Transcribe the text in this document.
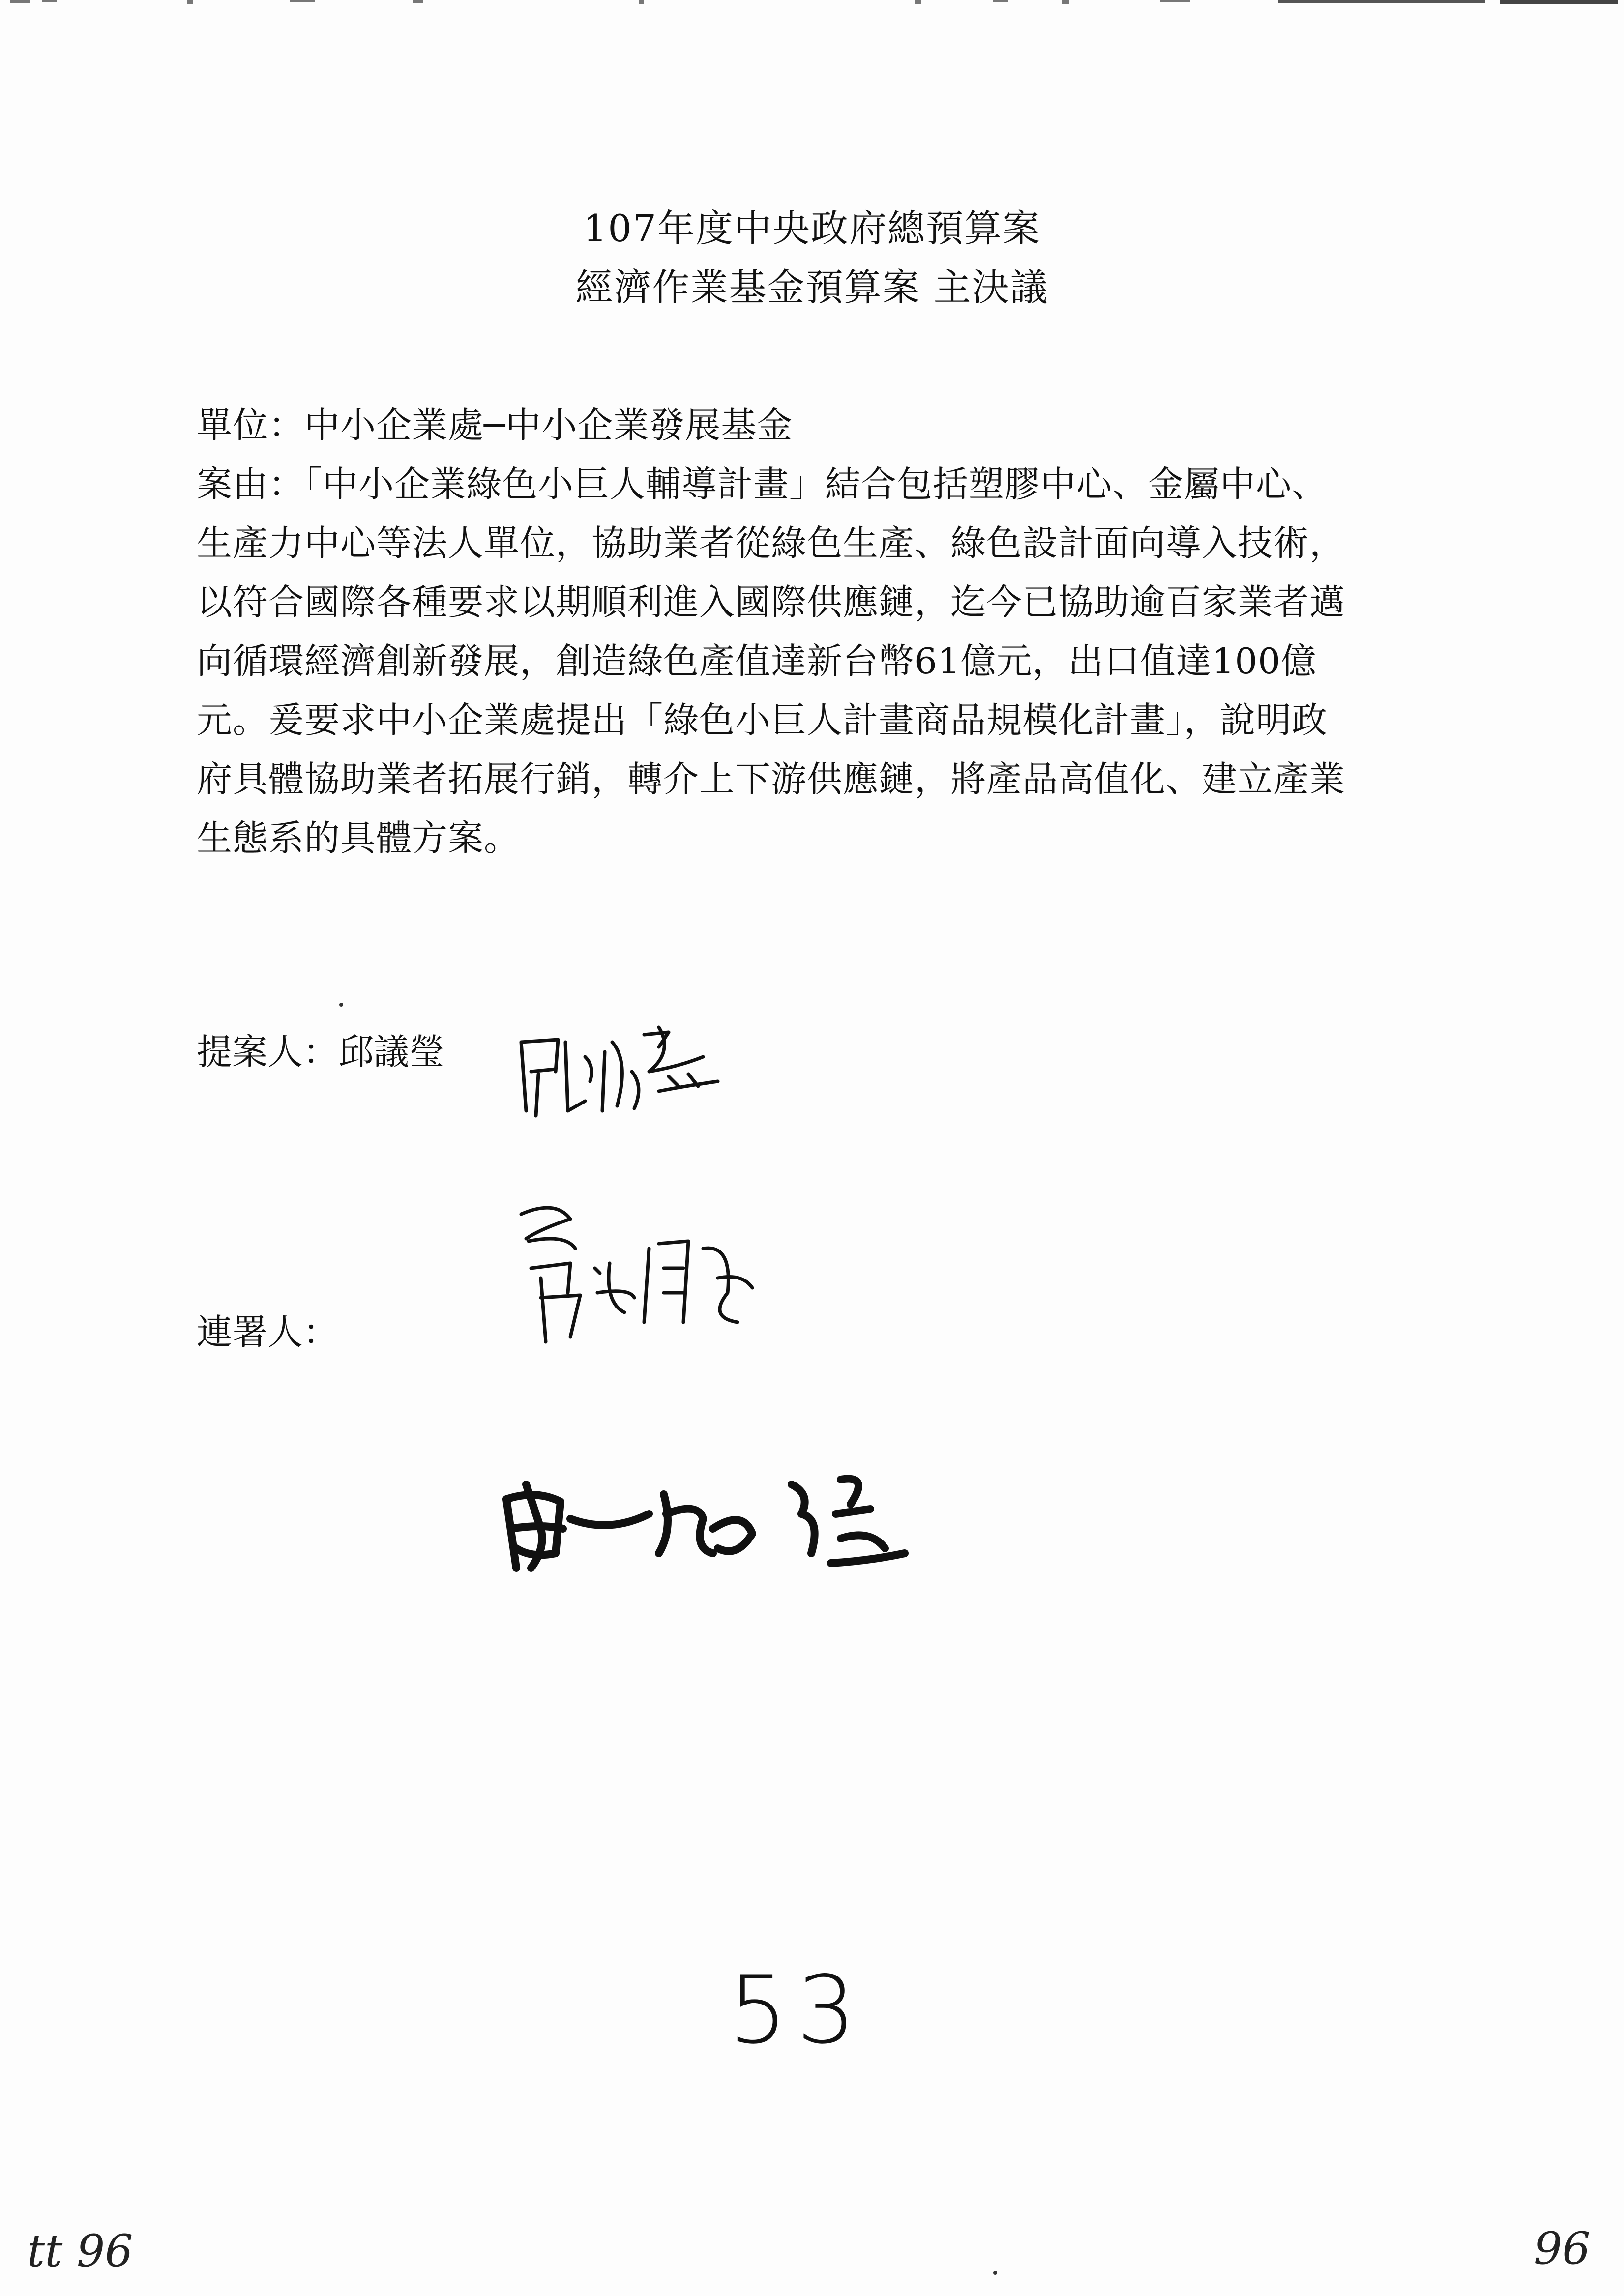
107年度中央政府總預算案
經濟作業基金預算案 主決議
單位：中小企業處─中小企業發展基金
案由：「中小企業綠色小巨人輔導計畫」結合包括塑膠中心、金屬中心、
生產力中心等法人單位，協助業者從綠色生產、綠色設計面向導入技術，
以符合國際各種要求以期順利進入國際供應鏈，迄今已協助逾百家業者邁
向循環經濟創新發展，創造綠色產值達新台幣61億元，出口值達100億
元。爰要求中小企業處提出「綠色小巨人計畫商品規模化計畫」，說明政
府具體協助業者拓展行銷，轉介上下游供應鏈，將產品高值化、建立產業
生態系的具體方案。
提案人：邱議瑩
連署人：
53
tt 96	96
